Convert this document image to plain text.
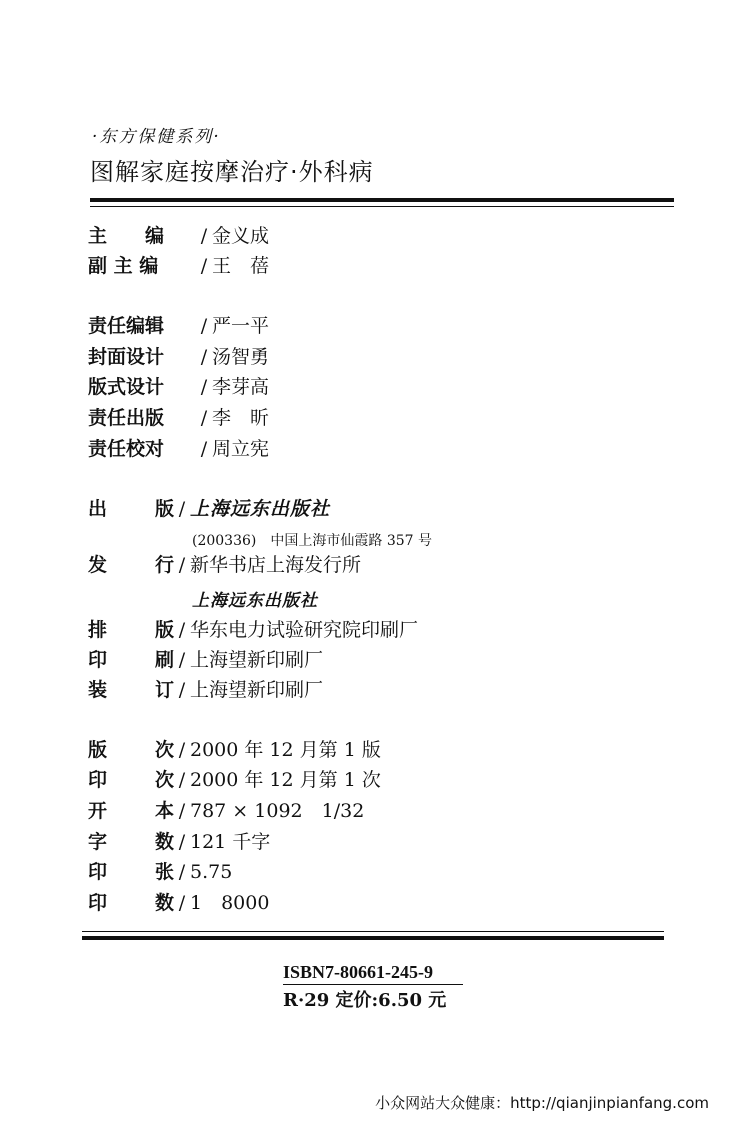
·东方保健系列·
图解家庭按摩治疗·外科病
主　　编 / 金义成
副 主 编 / 王　蓓
责任编辑 / 严一平
封面设计 / 汤智勇
版式设计 / 李芽高
责任出版 / 李　昕
责任校对 / 周立宪
出	版 / 上海远东出版社
(200336)　中国上海市仙霞路 357 号
发	行 / 新华书店上海发行所
上海远东出版社
排	版 / 华东电力试验研究院印刷厂
印	刷 / 上海望新印刷厂
装	订 / 上海望新印刷厂
版	次 / 2000 年 12 月第 1 版
印	次 / 2000 年 12 月第 1 次
开	本 / 787 × 1092　1/32
字	数 / 121 千字
印	张 / 5.75
印	数 / 1　8000
ISBN7-80661-245-9
R·29 定价:6.50 元
小众网站大众健康：http://qianjinpianfang.com
